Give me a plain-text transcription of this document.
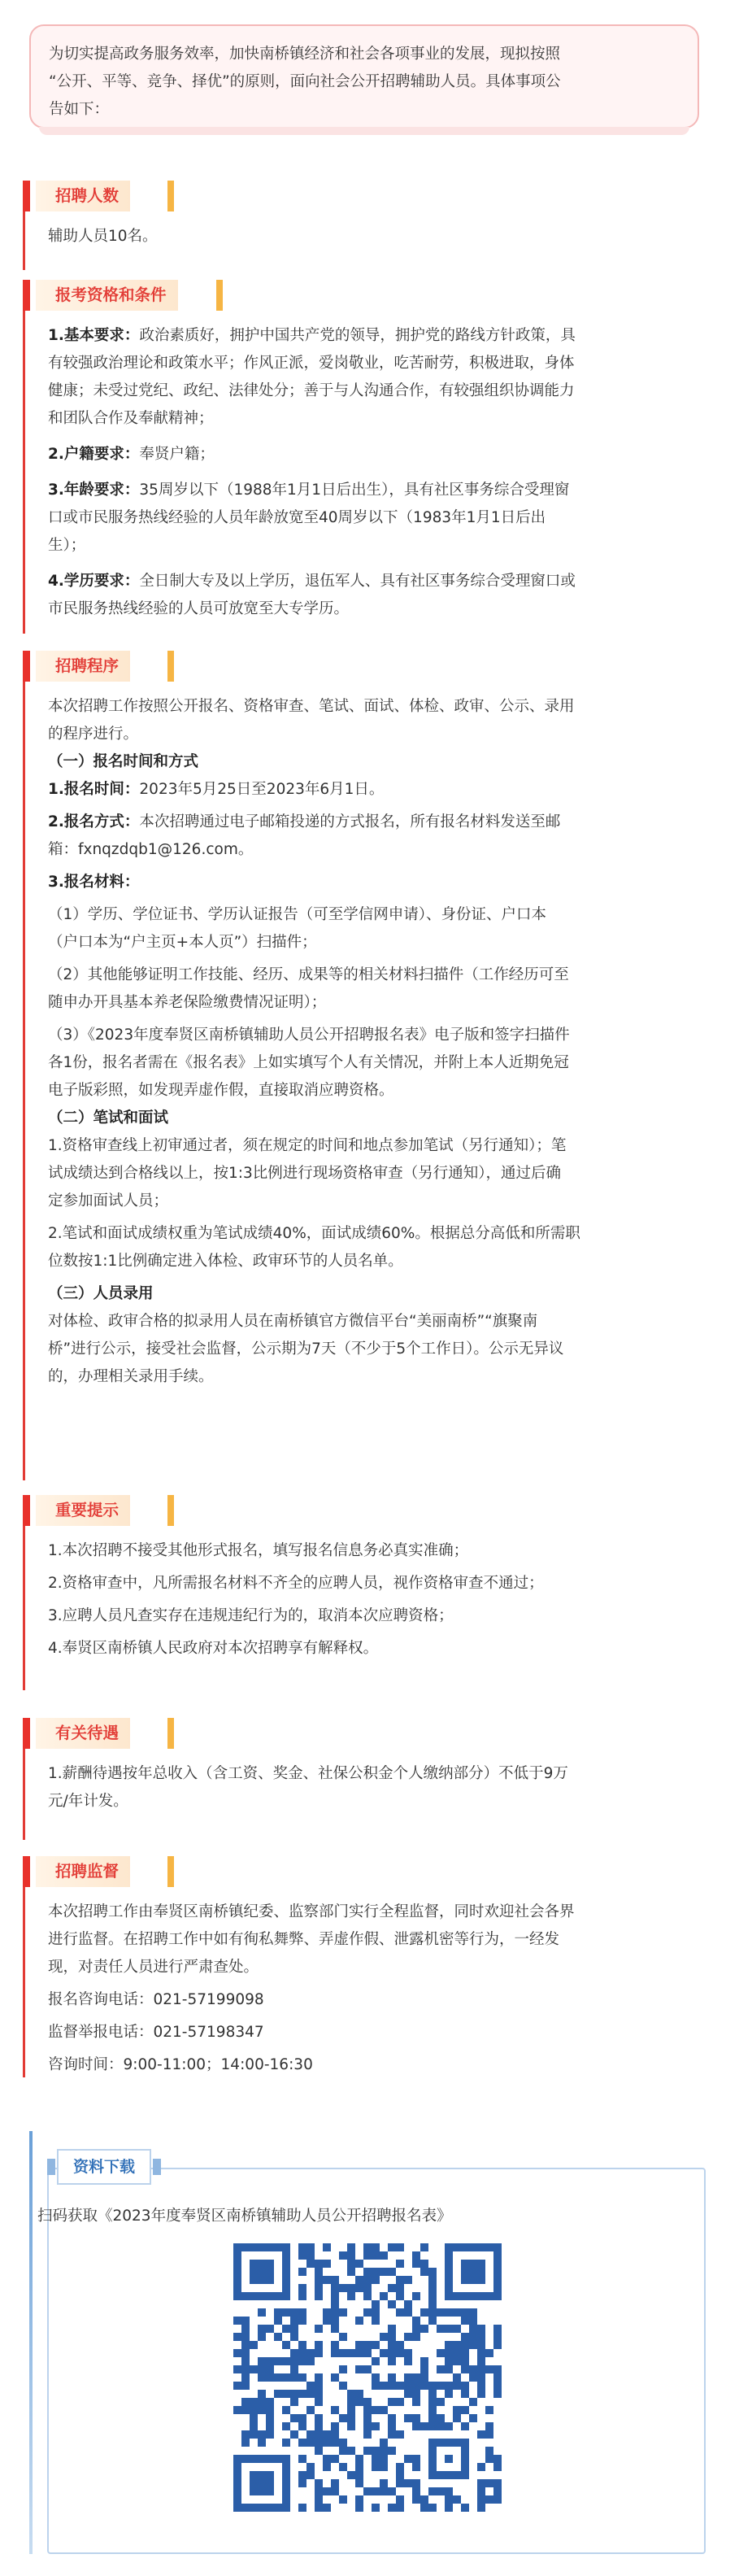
为切实提高政务服务效率，加快南桥镇经济和社会各项事业的发展，现拟按照

“公开、平等、竞争、择优”的原则，面向社会公开招聘辅助人员。具体事项公

告如下：

招聘人数

辅助人员10名。

报考资格和条件

1.基本要求：政治素质好，拥护中国共产党的领导，拥护党的路线方针政策，具

有较强政治理论和政策水平；作风正派，爱岗敬业，吃苦耐劳，积极进取，身体

健康；未受过党纪、政纪、法律处分；善于与人沟通合作，有较强组织协调能力

和团队合作及奉献精神；

2.户籍要求：奉贤户籍；

3.年龄要求：35周岁以下（1988年1月1日后出生），具有社区事务综合受理窗

口或市民服务热线经验的人员年龄放宽至40周岁以下（1983年1月1日后出

生）；

4.学历要求：全日制大专及以上学历，退伍军人、具有社区事务综合受理窗口或

市民服务热线经验的人员可放宽至大专学历。

招聘程序

本次招聘工作按照公开报名、资格审查、笔试、面试、体检、政审、公示、录用

的程序进行。

（一）报名时间和方式

1.报名时间：2023年5月25日至2023年6月1日。

2.报名方式：本次招聘通过电子邮箱投递的方式报名，所有报名材料发送至邮

箱：fxnqzdqb1@126.com。

3.报名材料：

（1）学历、学位证书、学历认证报告（可至学信网申请）、身份证、户口本

（户口本为“户主页+本人页”）扫描件；

（2）其他能够证明工作技能、经历、成果等的相关材料扫描件（工作经历可至

随申办开具基本养老保险缴费情况证明）；

（3）《2023年度奉贤区南桥镇辅助人员公开招聘报名表》电子版和签字扫描件

各1份，报名者需在《报名表》上如实填写个人有关情况，并附上本人近期免冠

电子版彩照，如发现弄虚作假，直接取消应聘资格。

（二）笔试和面试

1.资格审查线上初审通过者，须在规定的时间和地点参加笔试（另行通知）；笔

试成绩达到合格线以上，按1:3比例进行现场资格审查（另行通知），通过后确

定参加面试人员；

2.笔试和面试成绩权重为笔试成绩40%，面试成绩60%。根据总分高低和所需职

位数按1:1比例确定进入体检、政审环节的人员名单。

（三）人员录用

对体检、政审合格的拟录用人员在南桥镇官方微信平台“美丽南桥”“旗聚南

桥”进行公示，接受社会监督，公示期为7天（不少于5个工作日）。公示无异议

的，办理相关录用手续。

重要提示

1.本次招聘不接受其他形式报名，填写报名信息务必真实准确；

2.资格审查中，凡所需报名材料不齐全的应聘人员，视作资格审查不通过；

3.应聘人员凡查实存在违规违纪行为的，取消本次应聘资格；

4.奉贤区南桥镇人民政府对本次招聘享有解释权。

有关待遇

1.薪酬待遇按年总收入（含工资、奖金、社保公积金个人缴纳部分）不低于9万

元/年计发。

招聘监督

本次招聘工作由奉贤区南桥镇纪委、监察部门实行全程监督，同时欢迎社会各界

进行监督。在招聘工作中如有徇私舞弊、弄虚作假、泄露机密等行为，一经发

现，对责任人员进行严肃查处。

报名咨询电话：021-57199098

监督举报电话：021-57198347

咨询时间：9:00-11:00；14:00-16:30

资料下载
扫码获取《2023年度奉贤区南桥镇辅助人员公开招聘报名表》
